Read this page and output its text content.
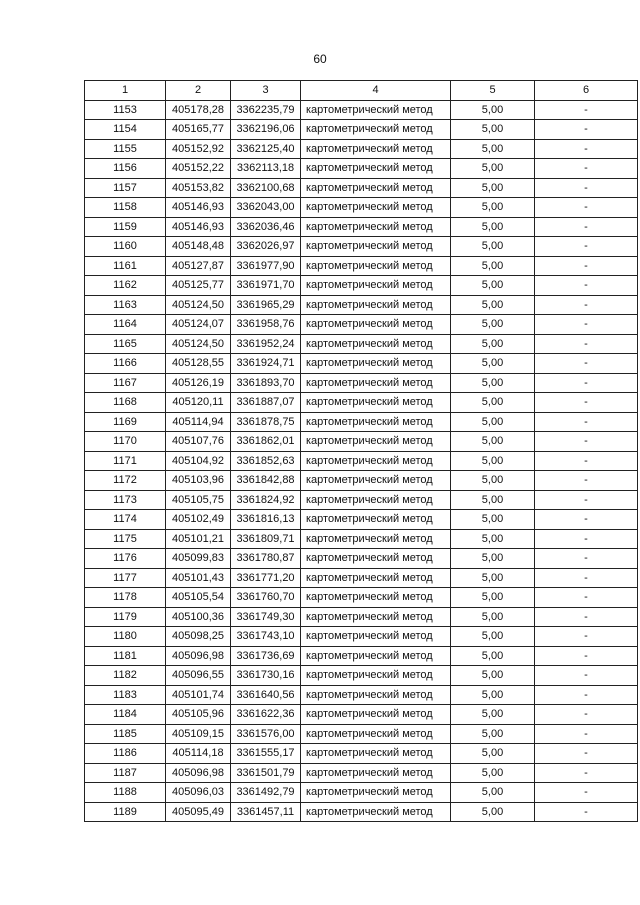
60
1	2	3	4	5	6
1153	405178,28	3362235,79	картометрический метод	5,00	-
1154	405165,77	3362196,06	картометрический метод	5,00	-
1155	405152,92	3362125,40	картометрический метод	5,00	-
1156	405152,22	3362113,18	картометрический метод	5,00	-
1157	405153,82	3362100,68	картометрический метод	5,00	-
1158	405146,93	3362043,00	картометрический метод	5,00	-
1159	405146,93	3362036,46	картометрический метод	5,00	-
1160	405148,48	3362026,97	картометрический метод	5,00	-
1161	405127,87	3361977,90	картометрический метод	5,00	-
1162	405125,77	3361971,70	картометрический метод	5,00	-
1163	405124,50	3361965,29	картометрический метод	5,00	-
1164	405124,07	3361958,76	картометрический метод	5,00	-
1165	405124,50	3361952,24	картометрический метод	5,00	-
1166	405128,55	3361924,71	картометрический метод	5,00	-
1167	405126,19	3361893,70	картометрический метод	5,00	-
1168	405120,11	3361887,07	картометрический метод	5,00	-
1169	405114,94	3361878,75	картометрический метод	5,00	-
1170	405107,76	3361862,01	картометрический метод	5,00	-
1171	405104,92	3361852,63	картометрический метод	5,00	-
1172	405103,96	3361842,88	картометрический метод	5,00	-
1173	405105,75	3361824,92	картометрический метод	5,00	-
1174	405102,49	3361816,13	картометрический метод	5,00	-
1175	405101,21	3361809,71	картометрический метод	5,00	-
1176	405099,83	3361780,87	картометрический метод	5,00	-
1177	405101,43	3361771,20	картометрический метод	5,00	-
1178	405105,54	3361760,70	картометрический метод	5,00	-
1179	405100,36	3361749,30	картометрический метод	5,00	-
1180	405098,25	3361743,10	картометрический метод	5,00	-
1181	405096,98	3361736,69	картометрический метод	5,00	-
1182	405096,55	3361730,16	картометрический метод	5,00	-
1183	405101,74	3361640,56	картометрический метод	5,00	-
1184	405105,96	3361622,36	картометрический метод	5,00	-
1185	405109,15	3361576,00	картометрический метод	5,00	-
1186	405114,18	3361555,17	картометрический метод	5,00	-
1187	405096,98	3361501,79	картометрический метод	5,00	-
1188	405096,03	3361492,79	картометрический метод	5,00	-
1189	405095,49	3361457,11	картометрический метод	5,00	-
